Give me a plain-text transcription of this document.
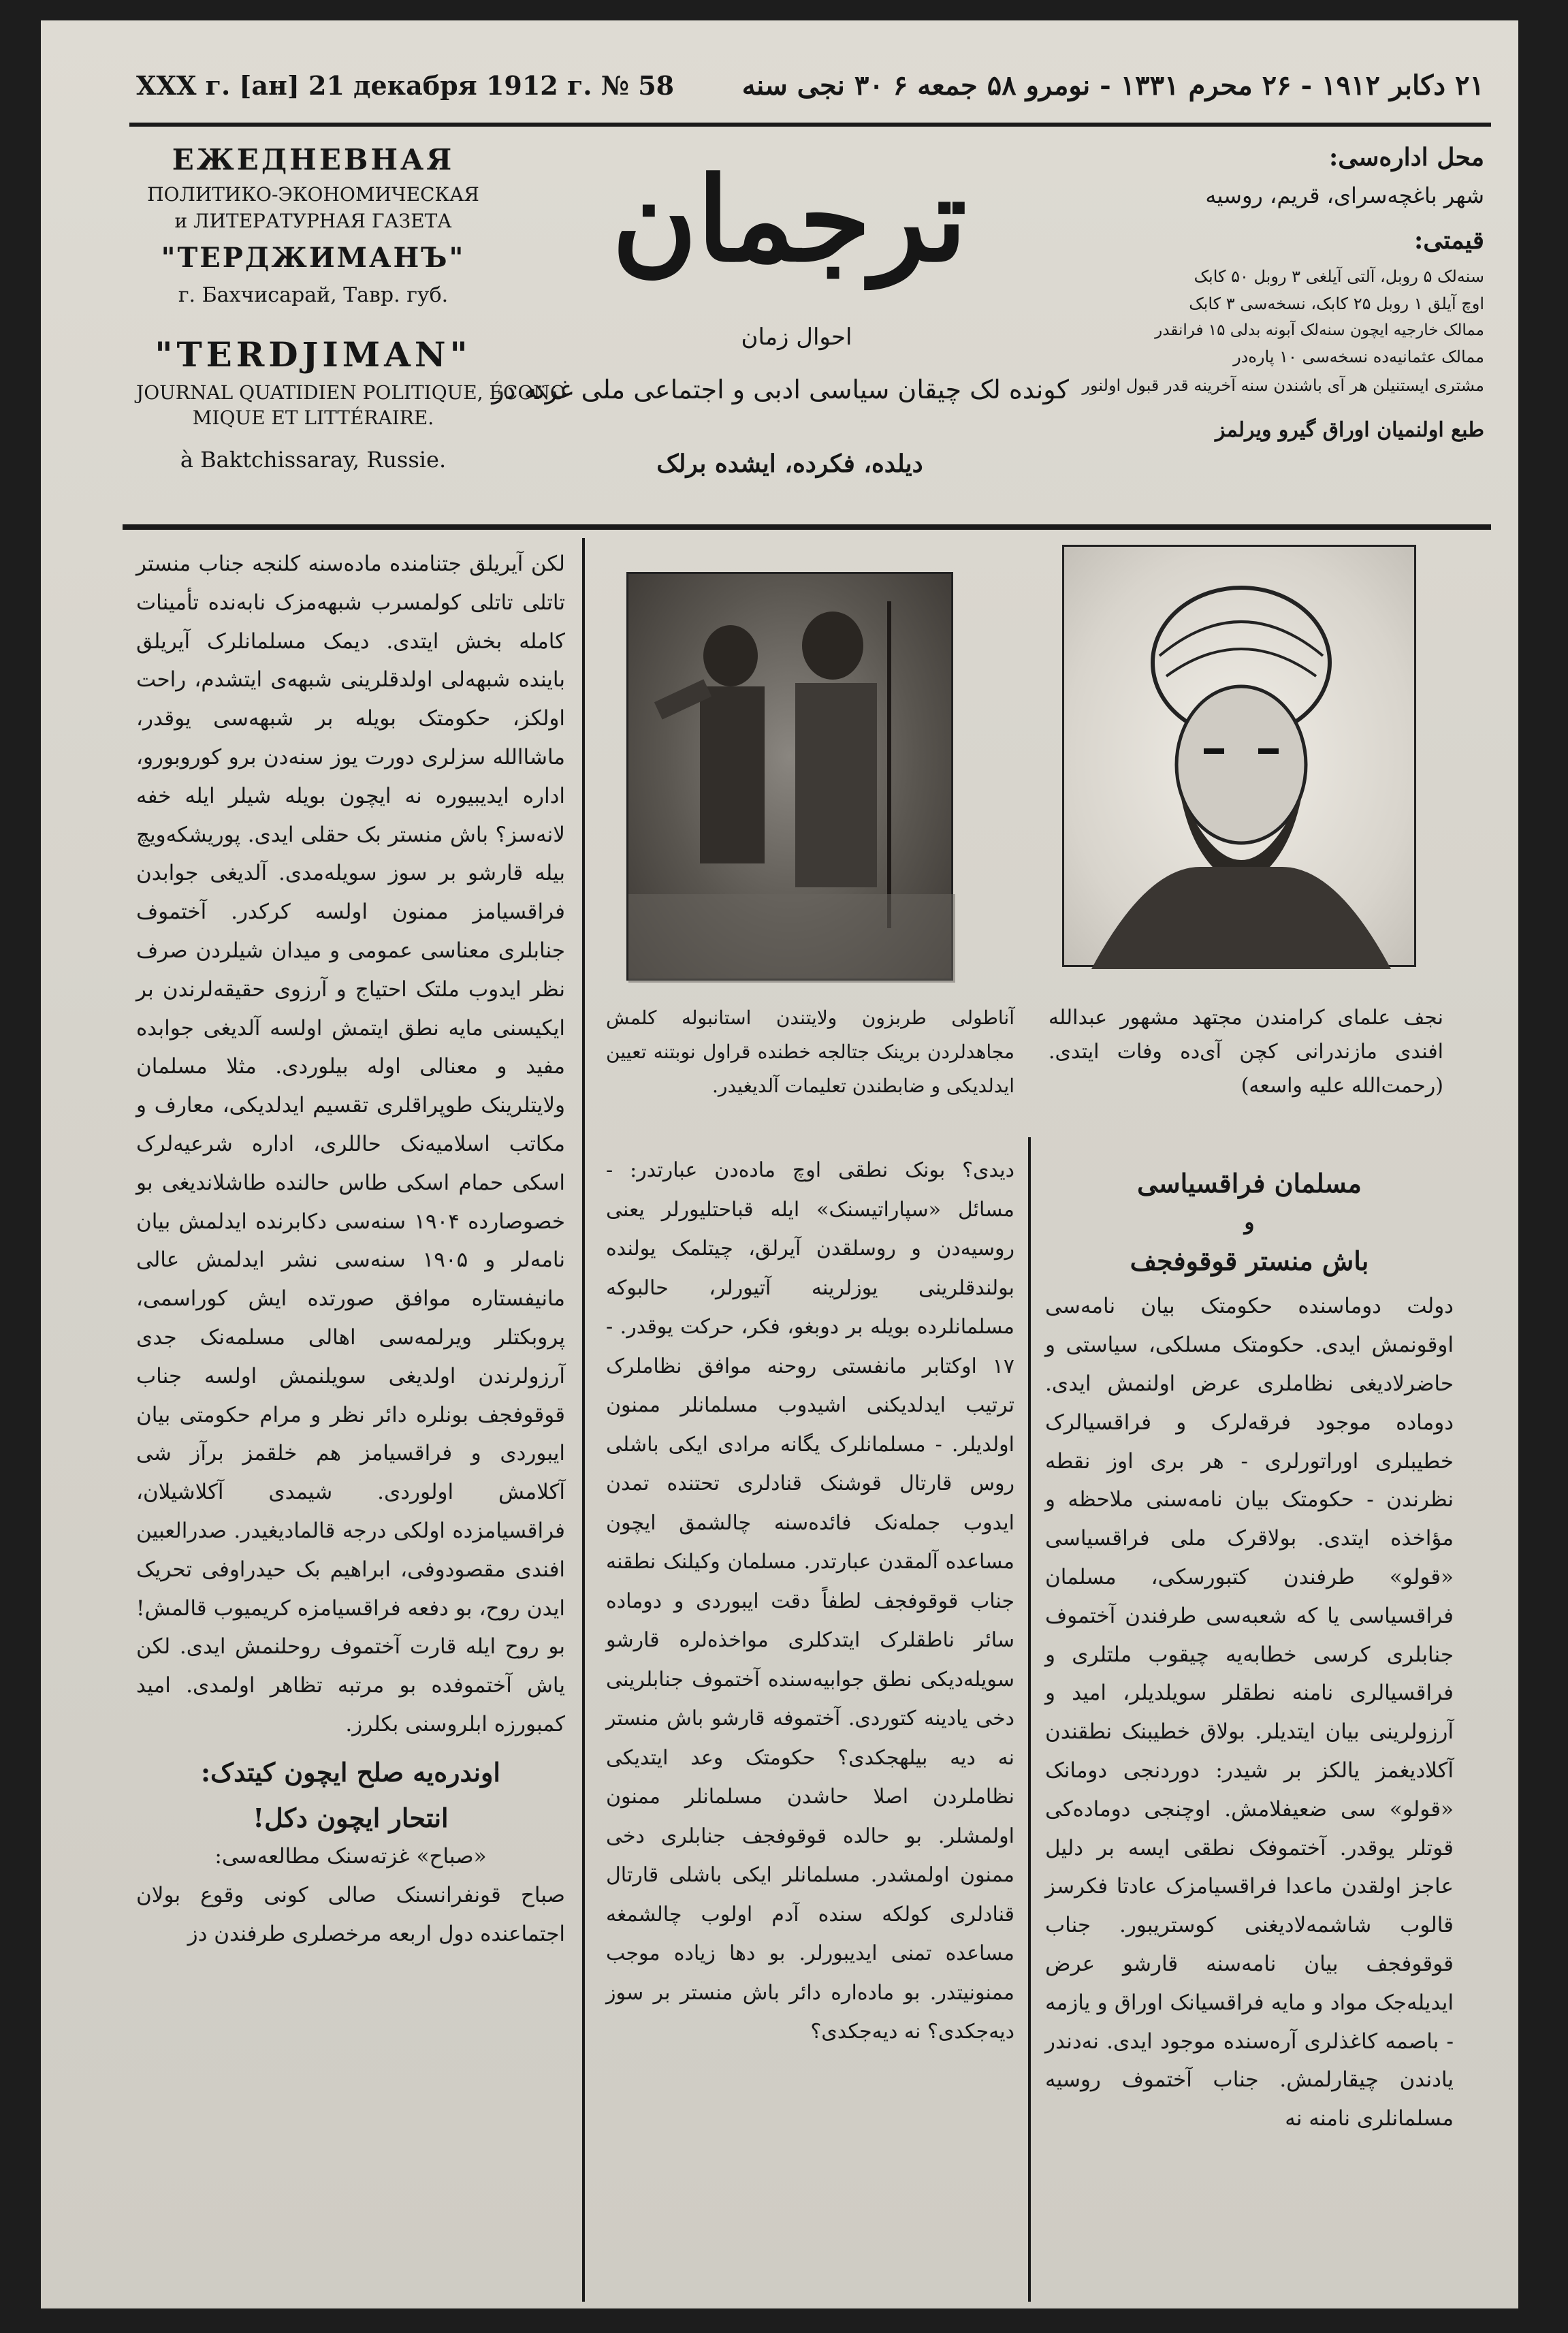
XXX г. [ан] 21 декабря 1912 г. № 58 ۲۱ دکابر ۱۹۱۲ - ۲۶ محرم ۱۳۳۱ - نومرو ۵۸ جمعه ۶ ۳۰ نجی سنه
ЕЖЕДНЕВНАЯ
ПОЛИТИКО-ЭКОНОМИЧЕСКАЯ
и ЛИТЕРАТУРНАЯ ГАЗЕТА
"ТЕРДЖИМАНЪ"
г. Бахчисарай, Тавр. губ.
"TERDJIMAN"
JOURNAL QUATIDIEN POLITIQUE, ÉCONO-
MIQUE ET LITTÉRAIRE.
à Baktchissaray, Russie.
ترجمان
احوال زمان
کونده لک چیقان سیاسی ادبی و اجتماعی ملی غزته در
دیلده، فکرده، ایشده برلک
محل اداره‌سی:
شهر باغچه‌سرای، قریم، روسیه
قیمتی:
سنه‌لک ۵ روبل، آلتی آیلغی ۳ روبل ۵۰ کابک
اوچ آیلق ۱ روبل ۲۵ کابک، نسخه‌سی ۳ کابک
ممالک خارجیه ایچون سنه‌لک آبونه بدلی ۱۵ فرانقدر
ممالک عثمانیه‌ده نسخه‌سی ۱۰ پاره‌در
مشتری ایستنیلن هر آی باشندن سنه آخرینه قدر قبول اولنور
طبع اولنمیان اوراق گیرو ویرلمز
آناطولی طربزون ولایتندن استانبوله کلمش مجاهدلردن برینک جتالجه خطنده قراول نوبتنه تعیین ایدلدیکی و ضابطندن تعلیمات آلدیغیدر.
نجف علمای کرامندن مجتهد مشهور عبدالله افندی مازندرانی کچن آی‌ده وفات ایتدی. (رحمت‌الله علیه واسعه)

لکن آیریلق جتنامنده ماده‌سنه کلنجه جناب منستر تاتلی تاتلی کولمسرب شبهه‌مزک نابه‌نده تأمینات کامله بخش ایتدی. دیمک مسلمانلرک آیریلق باینده شبهه‌لی اولدقلرینی شبهه‌ی ایتشدم، راحت اولکز، حکومتک بویله بر شبهه‌سی یوقدر، ماشاالله سزلری دورت یوز سنه‌دن برو کوروبورو، اداره ایدیبیوره نه ایچون بویله شیلر ایله خفه لانه‌سز؟ باش منستر بک حقلی ایدی. پوریشکه‌ویچ بیله قارشو بر سوز سویله‌مدی. آلدیغی جوابدن فراقسیامز ممنون اولسه کرکدر. آختموف جنابلری معناسی عمومی و میدان شیلردن صرف نظر ایدوب ملتک احتیاج و آرزوی حقیقه‌لرندن بر ایکیسنی مایه نطق ایتمش اولسه آلدیغی جوابده مفید و معنالی اوله بیلوردی. مثلا مسلمان ولایتلرینک طوپراقلری تقسیم ایدلدیکی، معارف و مکاتب اسلامیه‌نک حاللری، اداره شرعیه‌لرک اسکی حمام اسکی طاس حالنده طاشلاندیغی بو خصوصارده ۱۹۰۴ سنه‌سی دکابرنده ایدلمش بیان نامه‌لر و ۱۹۰۵ سنه‌سی نشر ایدلمش عالی مانیفستاره موافق صورتده ایش کوراسمی، پروبکتلر ویرلمه‌سی اهالی مسلمه‌نک جدی آرزولرندن اولدیغی سویلنمش اولسه جناب قوقوفجف بونلره دائر نظر و مرام حکومتی بیان ایبوردی و فراقسیامز هم خلقمز برآز شی آکلامش اولوردی. شیمدی آکلاشیلان، فراقسیامزده اولکی درجه قالمادیغیدر. صدرالعبین افندی مقصودوفی، ابراهیم بک حیدراوفی تحریک ایدن روح، بو دفعه فراقسیامزه کریمیوب قالمش! بو روح ایله قارت آختموف روحلنمش ایدی. لکن یاش آختموفده بو مرتبه تظاهر اولمدی. امید کمبورزه ابلروسنی بکلرز.

اوندره‌یه صلح ایچون کیتدک:

انتحار ایچون دکل!

«صباح» غزته‌سنک مطالعه‌سی:

صباح قونفرانسنک صالی کونی وقوع بولان اجتماعنده دول اربعه مرخصلری طرفندن دز

دیدی؟ بونک نطقی اوچ ماده‌دن عبارتدر: - مسائل «سپاراتیسنک» ایله قباحتلیورلر یعنی روسیه‌دن و روسلقدن آیرلق، چیتلمک یولنده بولندقلرینی یوزلرینه آتیورلر، حالبوکه مسلمانلرده بویله بر دوبغو، فکر، حرکت یوقدر. - ۱۷ اوکتابر مانفستی روحنه موافق نظاملرک ترتیب ایدلدیکنی اشیدوب مسلمانلر ممنون اولدیلر. - مسلمانلرک یگانه مرادی ایکی باشلی روس قارتال قوشنک قنادلری تحتنده تمدن ایدوب جمله‌نک فائده‌سنه چالشمق ایچون مساعده آلمقدن عبارتدر. مسلمان وکیلنک نطقنه جناب قوقوفجف لطفاً دقت ایبوردی و دوماده سائر ناطقلرک ایتدکلری مواخذه‌لره قارشو سویله‌دیکی نطق جوابیه‌سنده آختموف جنابلرینی دخی یادینه کتوردی. آختموفه قارشو باش منستر نه دیه بیلهجکدی؟ حکومتک وعد ایتدیکی نظاملردن اصلا حاشدن مسلمانلر ممنون اولمشلر. بو حالده قوقوفجف جنابلری دخی ممنون اولمشدر. مسلمانلر ایکی باشلی قارتال قنادلری کولکه سنده آدم اولوب چالشمغه مساعده تمنی ایدیبورلر. بو دها زیاده موجب ممنونیتدر. بو ماده‌اره دائر باش منستر بر سوز دیه‌جکدی؟ نه دیه‌جکدی؟

مسلمان فراقسیاسی

و

باش منستر قوقوفجف

دولت دوماسنده حکومتک بیان نامه‌سی اوقونمش ایدی. حکومتک مسلکی، سیاستی و حاضرلادیغی نظاملری عرض اولنمش ایدی. دوماده موجود فرقه‌لرک و فراقسیالرک خطیبلری اوراتورلری - هر بری اوز نقطه نظرندن - حکومتک بیان نامه‌سنی ملاحظه و مؤاخذه ایتدی. بولاقرک ملی فراقسیاسی «قولو» طرفندن کتبورسکی، مسلمان فراقسیاسی یا که شعبه‌سی طرفندن آختموف جنابلری کرسی خطابه‌یه چیقوب ملتلری و فراقسیالری نامنه نطقلر سویلدیلر، امید و آرزولرینی بیان ایتدیلر. بولاق خطیبنک نطقندن آکلادیغمز یالکز بر شیدر: دوردنجی دومانک «قولو» سی ضعیفلامش. اوچنجی دوماده‌کی قوتلر یوقدر. آختموفک نطقی ایسه بر دلیل عاجز اولقدن ماعدا فراقسیامزک عادتا فکرسز قالوب شاشمه‌لادیغنی کوستریبور. جناب قوقوفجف بیان نامه‌سنه قارشو عرض ایدیله‌جک مواد و مایه فراقسیانک اوراق و یازمه - باصمه کاغذلری آره‌سنده موجود ایدی. نه‌دندر یادندن چیقارلمش. جناب آختموف روسیه مسلمانلری نامنه نه
